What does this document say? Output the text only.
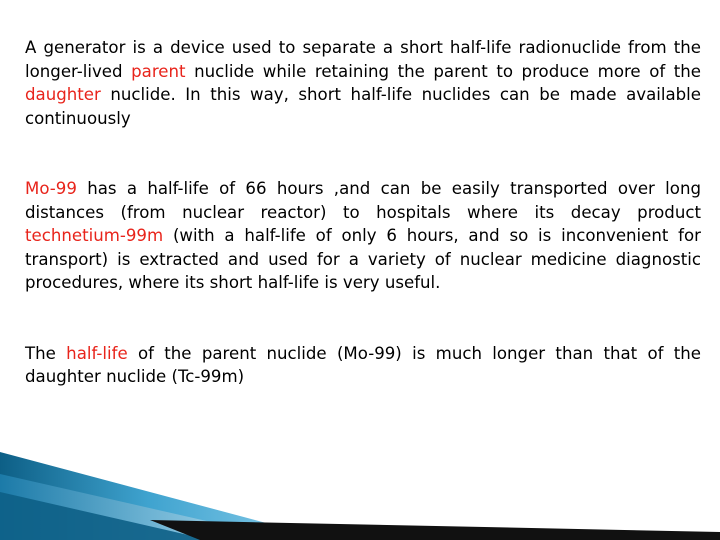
A generator is a device used to separate a short half-life radionuclide from the longer-lived parent nuclide while retaining the parent to produce more of the daughter nuclide. In this way, short half-life nuclides can be made available continuously

Mo-99 has a half-life of 66 hours ,and can be easily transported over long distances (from nuclear reactor) to hospitals where its decay product technetium-99m (with a half-life of only 6 hours, and so is inconvenient for transport) is extracted and used for a variety of nuclear medicine diagnostic procedures, where its short half-life is very useful.

The half-life of the parent nuclide (Mo-99) is much longer than that of the daughter nuclide (Tc-99m)
